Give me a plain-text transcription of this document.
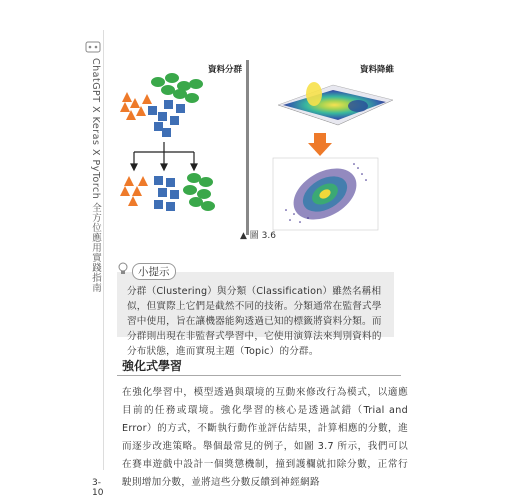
ChatGPT X Keras X PyTorch 全方位應用實踐指南
3-10
資料分群	資料降維
▲ 圖 3.6

分群（Clustering）與分類（Classification）雖然名稱相似，但實際上它們是截然不同的技術。分類通常在監督式學習中使用，旨在讓機器能夠透過已知的標籤將資料分類。而分群則出現在非監督式學習中，它使用演算法來判別資料的分布狀態，進而實現主題（Topic）的分群。

小提示
強化式學習

在強化學習中，模型透過與環境的互動來修改行為模式，以適應目前的任務或環境。強化學習的核心是透過試錯（Trial and Error）的方式，不斷執行動作並評估結果，計算相應的分數，進而逐步改進策略。舉個最常見的例子，如圖 3.7 所示，我們可以在賽車遊戲中設計一個獎懲機制，撞到護欄就扣除分數，正常行駛則增加分數，並將這些分數反饋到神經網路
